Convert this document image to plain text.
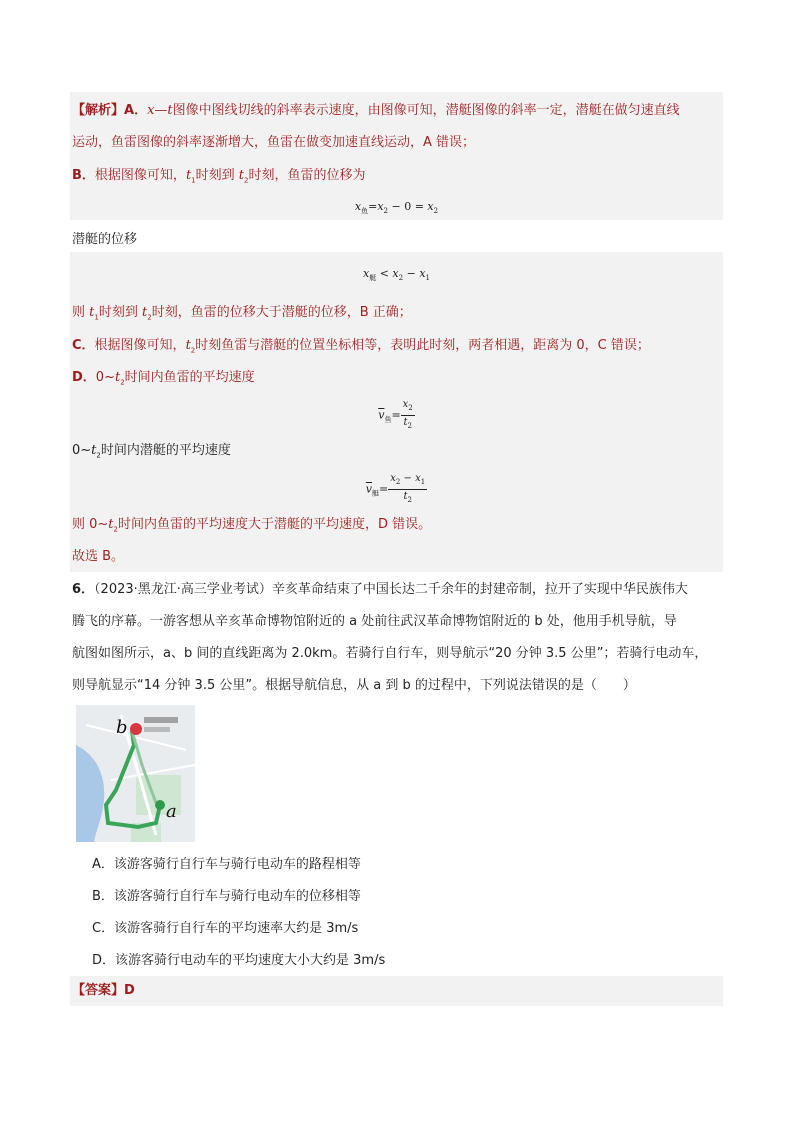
【解析】A．x—t图像中图线切线的斜率表示速度，由图像可知，潜艇图像的斜率一定，潜艇在做匀速直线
运动，鱼雷图像的斜率逐渐增大，鱼雷在做变加速直线运动，A 错误；
B．根据图像可知，$t_1$时刻到 $t_2$时刻，鱼雷的位移为
$x_鱼=x_2 - 0 = x_2$
潜艇的位移
$x_艇 < x_2 - x_1$
则 $t_1$时刻到 $t_2$时刻，鱼雷的位移大于潜艇的位移，B 正确；
C．根据图像可知，$t_2$时刻鱼雷与潜艇的位置坐标相等，表明此时刻，两者相遇，距离为 0，C 错误；
D．$0\sim t_2$时间内鱼雷的平均速度
$\overline{v}_鱼= \frac{x_2}{t_2}$
$0\sim t_2$时间内潜艇的平均速度
$\overline{v}_艇= \frac{x_2 - x_1}{t_2}$
则 $0\sim t_2$时间内鱼雷的平均速度大于潜艇的平均速度，D 错误。
故选 B。
6．（2023·黑龙江·高三学业考试）辛亥革命结束了中国长达二千余年的封建帝制，拉开了实现中华民族伟大
腾飞的序幕。一游客想从辛亥革命博物馆附近的 a 处前往武汉革命博物馆附近的 b 处，他用手机导航，导
航图如图所示，a、b 间的直线距离为 2.0km。若骑行自行车，则导航示“20 分钟 3.5 公里”；若骑行电动车，
则导航显示“14 分钟 3.5 公里”。根据导航信息，从 a 到 b 的过程中，下列说法错误的是（　　）
b
a
A．该游客骑行自行车与骑行电动车的路程相等
B．该游客骑行自行车与骑行电动车的位移相等
C．该游客骑行自行车的平均速率大约是 3m/s
D．该游客骑行电动车的平均速度大小大约是 3m/s
【答案】D
